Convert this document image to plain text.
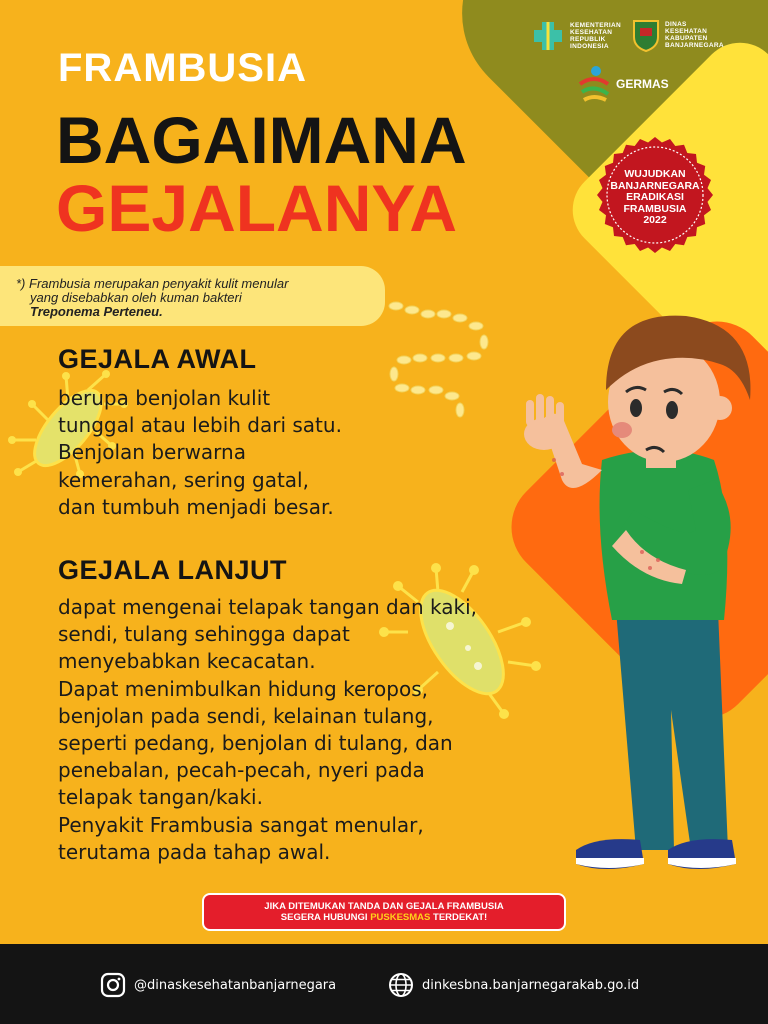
KEMENTERIAN
KESEHATAN
REPUBLIK
INDONESIA
DINAS
KESEHATAN
KABUPATEN
BANJARNEGARA
GERMAS
FRAMBUSIA
BAGAIMANA
GEJALANYA	WUJUDKAN
BANJARNEGARA
ERADIKASI
FRAMBUSIA
2022
*) Frambusia merupakan penyakit kulit menular
yang disebabkan oleh kuman bakteri
Treponema Perteneu.
GEJALA AWAL
berupa benjolan kulit
tunggal atau lebih dari satu.
Benjolan berwarna
kemerahan, sering gatal,
dan tumbuh menjadi besar.
GEJALA LANJUT
dapat mengenai telapak tangan dan kaki,
sendi, tulang sehingga dapat
menyebabkan kecacatan.
Dapat menimbulkan hidung keropos,
benjolan pada sendi, kelainan tulang,
seperti pedang, benjolan di tulang, dan
penebalan, pecah-pecah, nyeri pada
telapak tangan/kaki.
Penyakit Frambusia sangat menular,
terutama pada tahap awal.
JIKA DITEMUKAN TANDA DAN GEJALA FRAMBUSIA
SEGERA HUBUNGI PUSKESMAS TERDEKAT!
@dinaskesehatanbanjarnegara	dinkesbna.banjarnegarakab.go.id
